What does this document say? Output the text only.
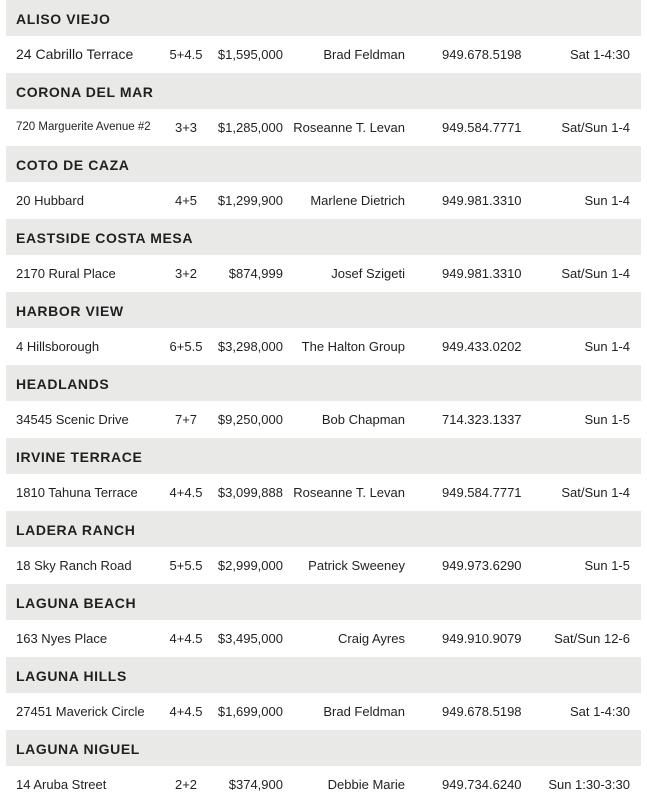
ALISO VIEJO
24 Cabrillo Terrace	5+4.5	$1,595,000	Brad Feldman	949.678.5198	Sat 1-4:30
CORONA DEL MAR
720 Marguerite Avenue #2	3+3	$1,285,000 Roseanne T. Levan	949.584.7771	Sat/Sun 1-4
COTO DE CAZA
20 Hubbard	4+5	$1,299,900 Marlene Dietrich	949.981.3310	Sun 1-4
EASTSIDE COSTA MESA
2170 Rural Place	3+2	$874,999	Josef Szigeti	949.981.3310	Sat/Sun 1-4
HARBOR VIEW
4 Hillsborough	6+5.5	$3,298,000 The Halton Group	949.433.0202	Sun 1-4
HEADLANDS
34545 Scenic Drive	7+7	$9,250,000	Bob Chapman	714.323.1337	Sun 1-5
IRVINE TERRACE
1810 Tahuna Terrace	4+4.5	$3,099,888 Roseanne T. Levan	949.584.7771	Sat/Sun 1-4
LADERA RANCH
18 Sky Ranch Road	5+5.5	$2,999,000 Patrick Sweeney	949.973.6290	Sun 1-5
LAGUNA BEACH
163 Nyes Place	4+4.5	$3,495,000	Craig Ayres	949.910.9079	Sat/Sun 12-6
LAGUNA HILLS
27451 Maverick Circle	4+4.5	$1,699,000	Brad Feldman	949.678.5198	Sat 1-4:30
LAGUNA NIGUEL
14 Aruba Street	2+2	$374,900	Debbie Marie	949.734.6240 Sun 1:30-3:30
